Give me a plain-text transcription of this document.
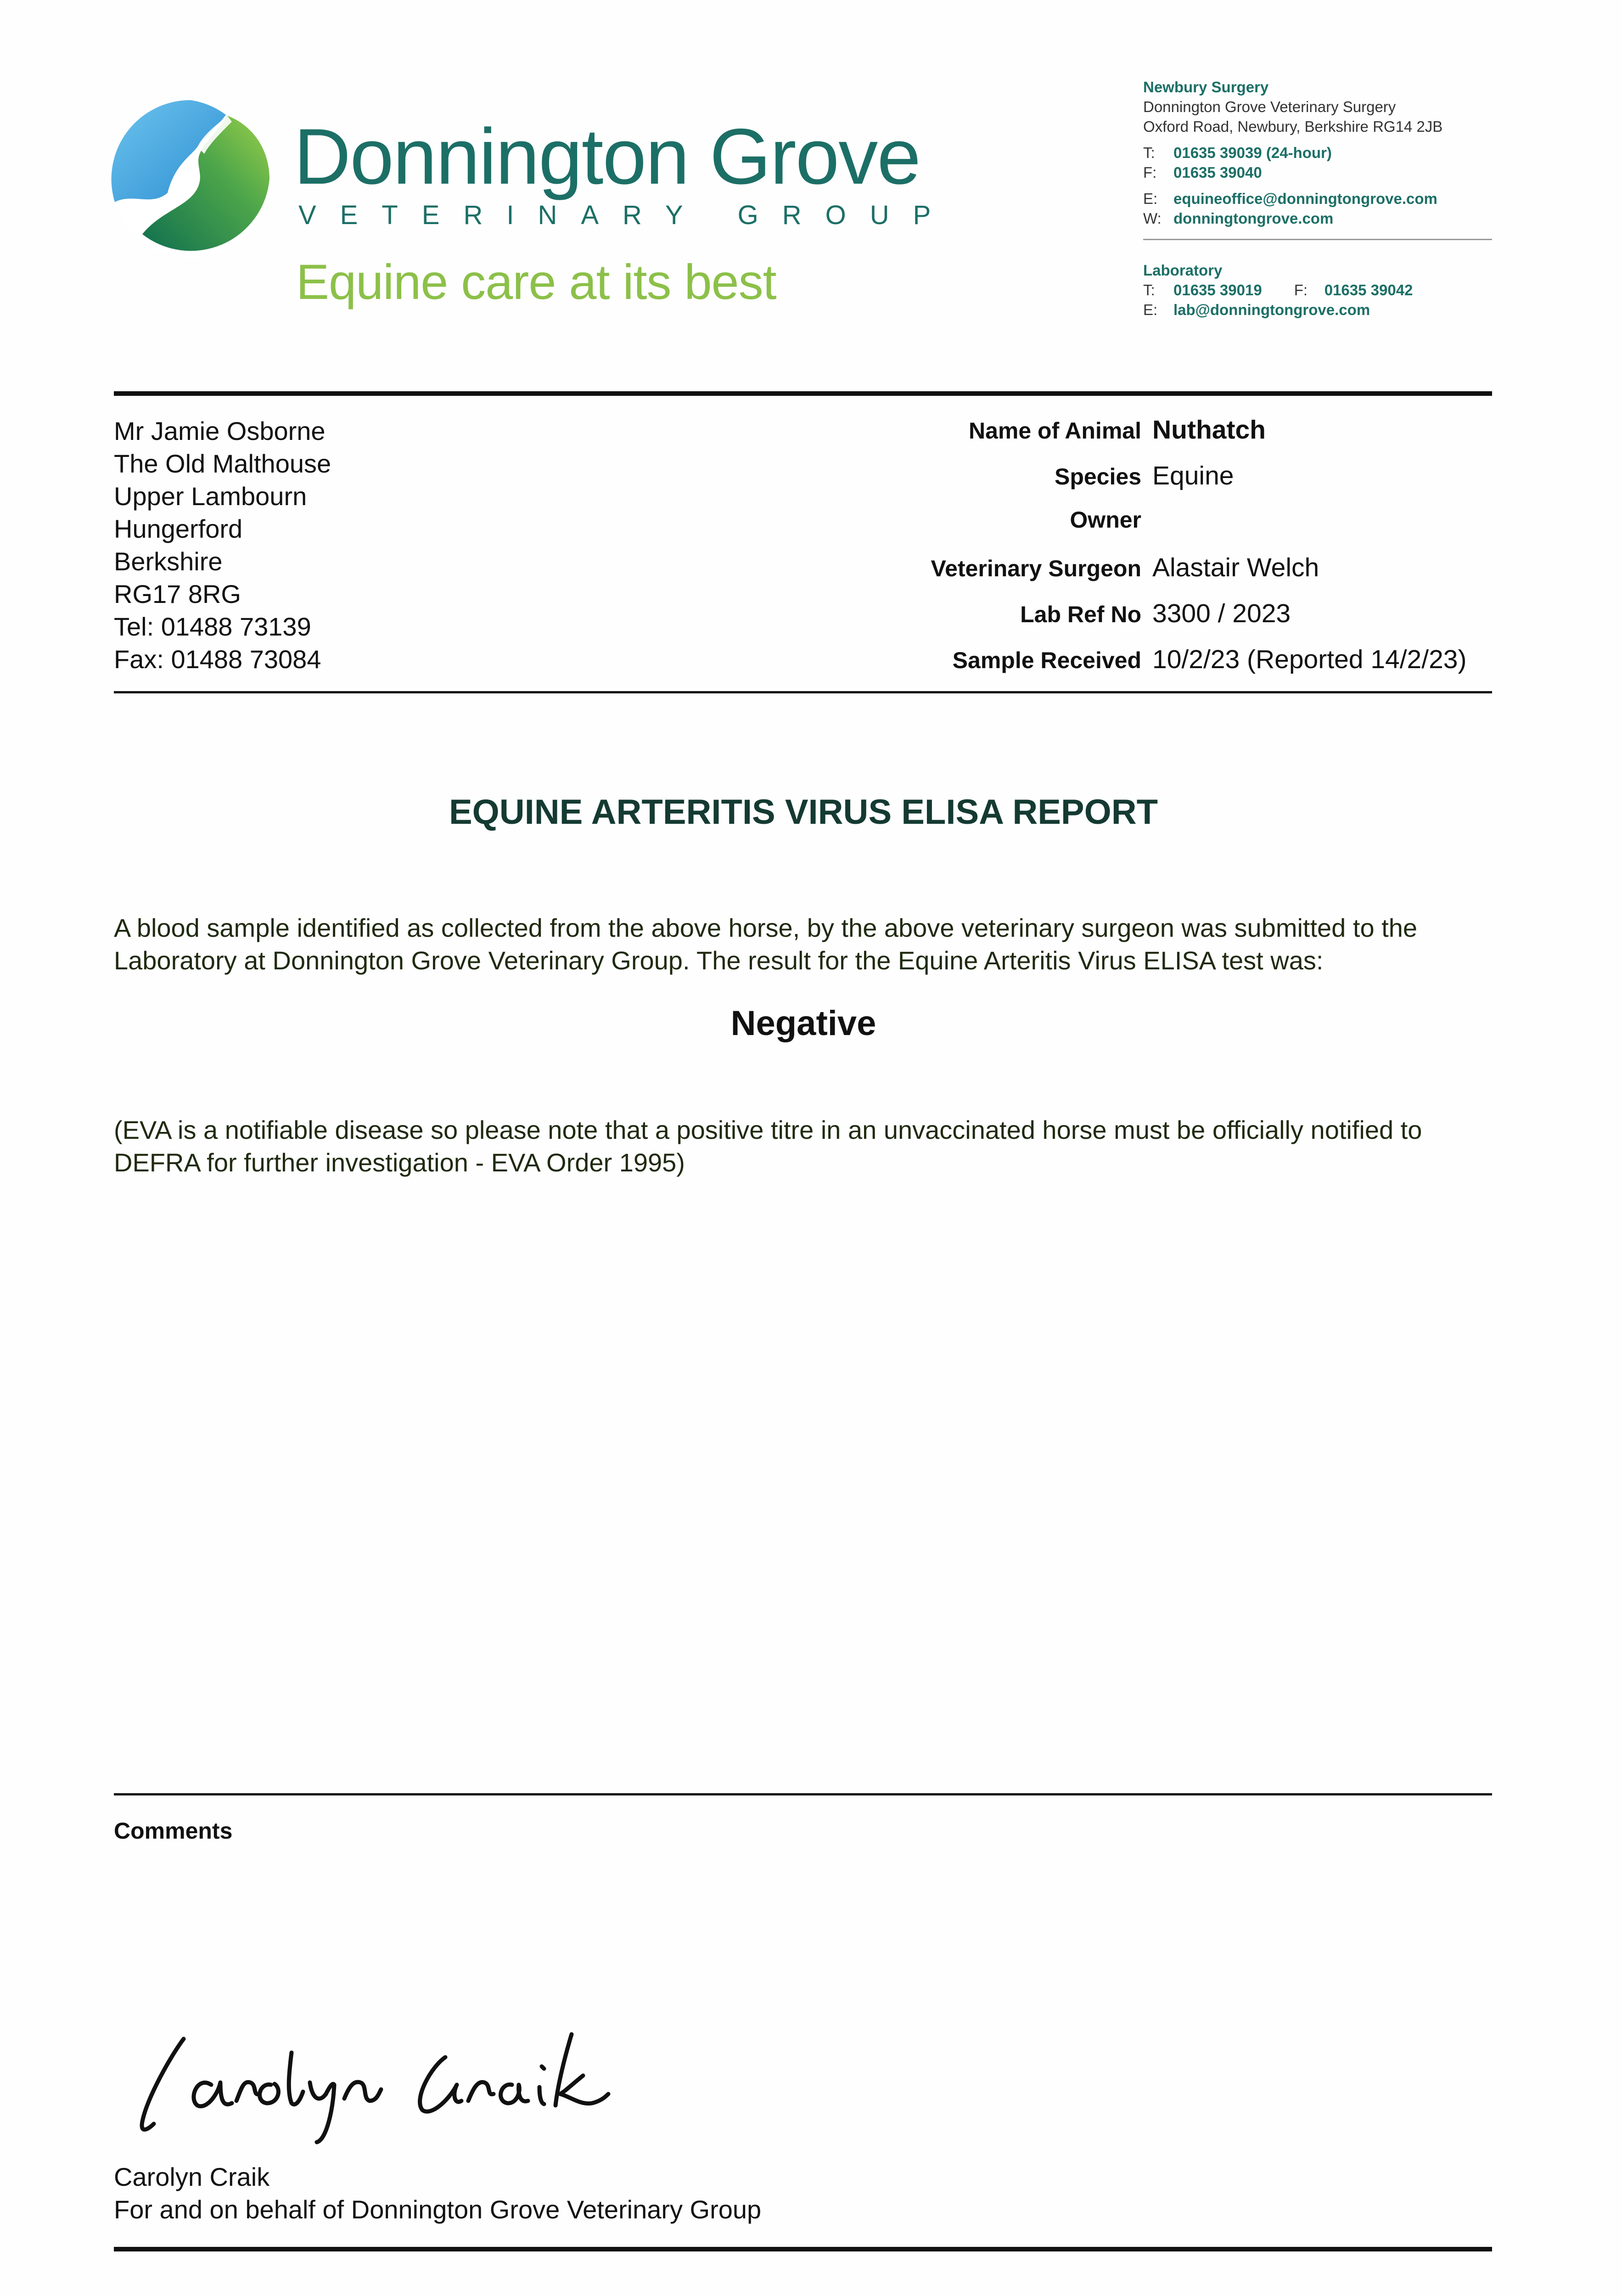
Donnington Grove
VETERINARY GROUP
Equine care at its best
Newbury Surgery
Donnington Grove Veterinary Surgery
Oxford Road, Newbury, Berkshire RG14 2JB
T: 01635 39039 (24-hour)
F: 01635 39040
E: equineoffice@donningtongrove.com
W: donningtongrove.com
Laboratory
T: 01635 39019 F: 01635 39042
E: lab@donningtongrove.com
Mr Jamie Osborne
The Old Malthouse
Upper Lambourn
Hungerford
Berkshire
RG17 8RG
Tel: 01488 73139
Fax: 01488 73084
Name of Animal Nuthatch
Species Equine
Owner
Veterinary Surgeon Alastair Welch
Lab Ref No 3300 / 2023
Sample Received 10/2/23 (Reported 14/2/23)
EQUINE ARTERITIS VIRUS ELISA REPORT
A blood sample identified as collected from the above horse, by the above veterinary surgeon was submitted to the Laboratory at Donnington Grove Veterinary Group. The result for the Equine Arteritis Virus ELISA test was:
Negative
(EVA is a notifiable disease so please note that a positive titre in an unvaccinated horse must be officially notified to DEFRA for further investigation - EVA Order 1995)
Comments
Carolyn Craik
For and on behalf of Donnington Grove Veterinary Group
